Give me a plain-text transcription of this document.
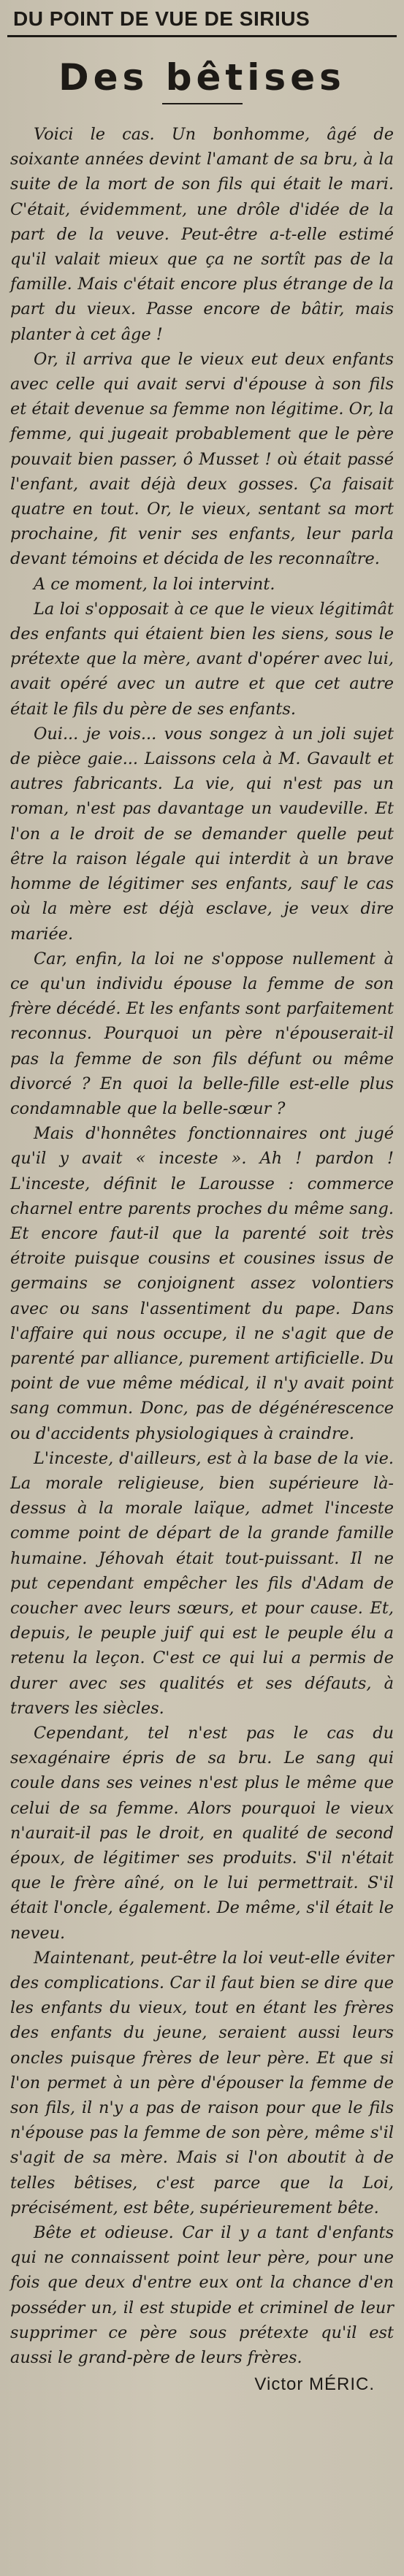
DU POINT DE VUE DE SIRIUS
Des bêtises

Voici le cas. Un bonhomme, âgé de soixante années devint l'amant de sa bru, à la suite de la mort de son fils qui était le mari. C'était, évidemment, une drôle d'idée de la part de la veuve. Peut-être a-t-elle estimé qu'il valait mieux que ça ne sortît pas de la famille. Mais c'était encore plus étrange de la part du vieux. Passe encore de bâtir, mais planter à cet âge !

Or, il arriva que le vieux eut deux enfants avec celle qui avait servi d'épouse à son fils et était devenue sa femme non légitime. Or, la femme, qui jugeait probablement que le père pouvait bien passer, ô Musset ! où était passé l'enfant, avait déjà deux gosses. Ça faisait quatre en tout. Or, le vieux, sentant sa mort prochaine, fit venir ses enfants, leur parla devant témoins et décida de les reconnaître.

A ce moment, la loi intervint.

La loi s'opposait à ce que le vieux légitimât des enfants qui étaient bien les siens, sous le prétexte que la mère, avant d'opérer avec lui, avait opéré avec un autre et que cet autre était le fils du père de ses enfants.

Oui... je vois... vous songez à un joli sujet de pièce gaie... Laissons cela à M. Gavault et autres fabricants. La vie, qui n'est pas un roman, n'est pas davantage un vaudeville. Et l'on a le droit de se demander quelle peut être la raison légale qui interdit à un brave homme de légitimer ses enfants, sauf le cas où la mère est déjà esclave, je veux dire mariée.

Car, enfin, la loi ne s'oppose nullement à ce qu'un individu épouse la femme de son frère décédé. Et les enfants sont parfaitement reconnus. Pourquoi un père n'épouserait-il pas la femme de son fils défunt ou même divorcé ? En quoi la belle-fille est-elle plus condamnable que la belle-sœur ?

Mais d'honnêtes fonctionnaires ont jugé qu'il y avait « inceste ». Ah ! pardon ! L'inceste, définit le Larousse : commerce charnel entre parents proches du même sang. Et encore faut-il que la parenté soit très étroite puisque cousins et cousines issus de germains se conjoignent assez volontiers avec ou sans l'assentiment du pape. Dans l'affaire qui nous occupe, il ne s'agit que de parenté par alliance, purement artificielle. Du point de vue même médical, il n'y avait point sang commun. Donc, pas de dégénérescence ou d'accidents physiologiques à craindre.

L'inceste, d'ailleurs, est à la base de la vie. La morale religieuse, bien supérieure là-dessus à la morale laïque, admet l'inceste comme point de départ de la grande famille humaine. Jéhovah était tout-puissant. Il ne put cependant empêcher les fils d'Adam de coucher avec leurs sœurs, et pour cause. Et, depuis, le peuple juif qui est le peuple élu a retenu la leçon. C'est ce qui lui a permis de durer avec ses qualités et ses défauts, à travers les siècles.

Cependant, tel n'est pas le cas du sexagénaire épris de sa bru. Le sang qui coule dans ses veines n'est plus le même que celui de sa femme. Alors pourquoi le vieux n'aurait-il pas le droit, en qualité de second époux, de légitimer ses produits. S'il n'était que le frère aîné, on le lui permettrait. S'il était l'oncle, également. De même, s'il était le neveu.

Maintenant, peut-être la loi veut-elle éviter des complications. Car il faut bien se dire que les enfants du vieux, tout en étant les frères des enfants du jeune, seraient aussi leurs oncles puisque frères de leur père. Et que si l'on permet à un père d'épouser la femme de son fils, il n'y a pas de raison pour que le fils n'épouse pas la femme de son père, même s'il s'agit de sa mère. Mais si l'on aboutit à de telles bêtises, c'est parce que la Loi, précisément, est bête, supérieurement bête.

Bête et odieuse. Car il y a tant d'enfants qui ne connaissent point leur père, pour une fois que deux d'entre eux ont la chance d'en posséder un, il est stupide et criminel de leur supprimer ce père sous prétexte qu'il est aussi le grand-père de leurs frères.

Victor MÉRIC.
